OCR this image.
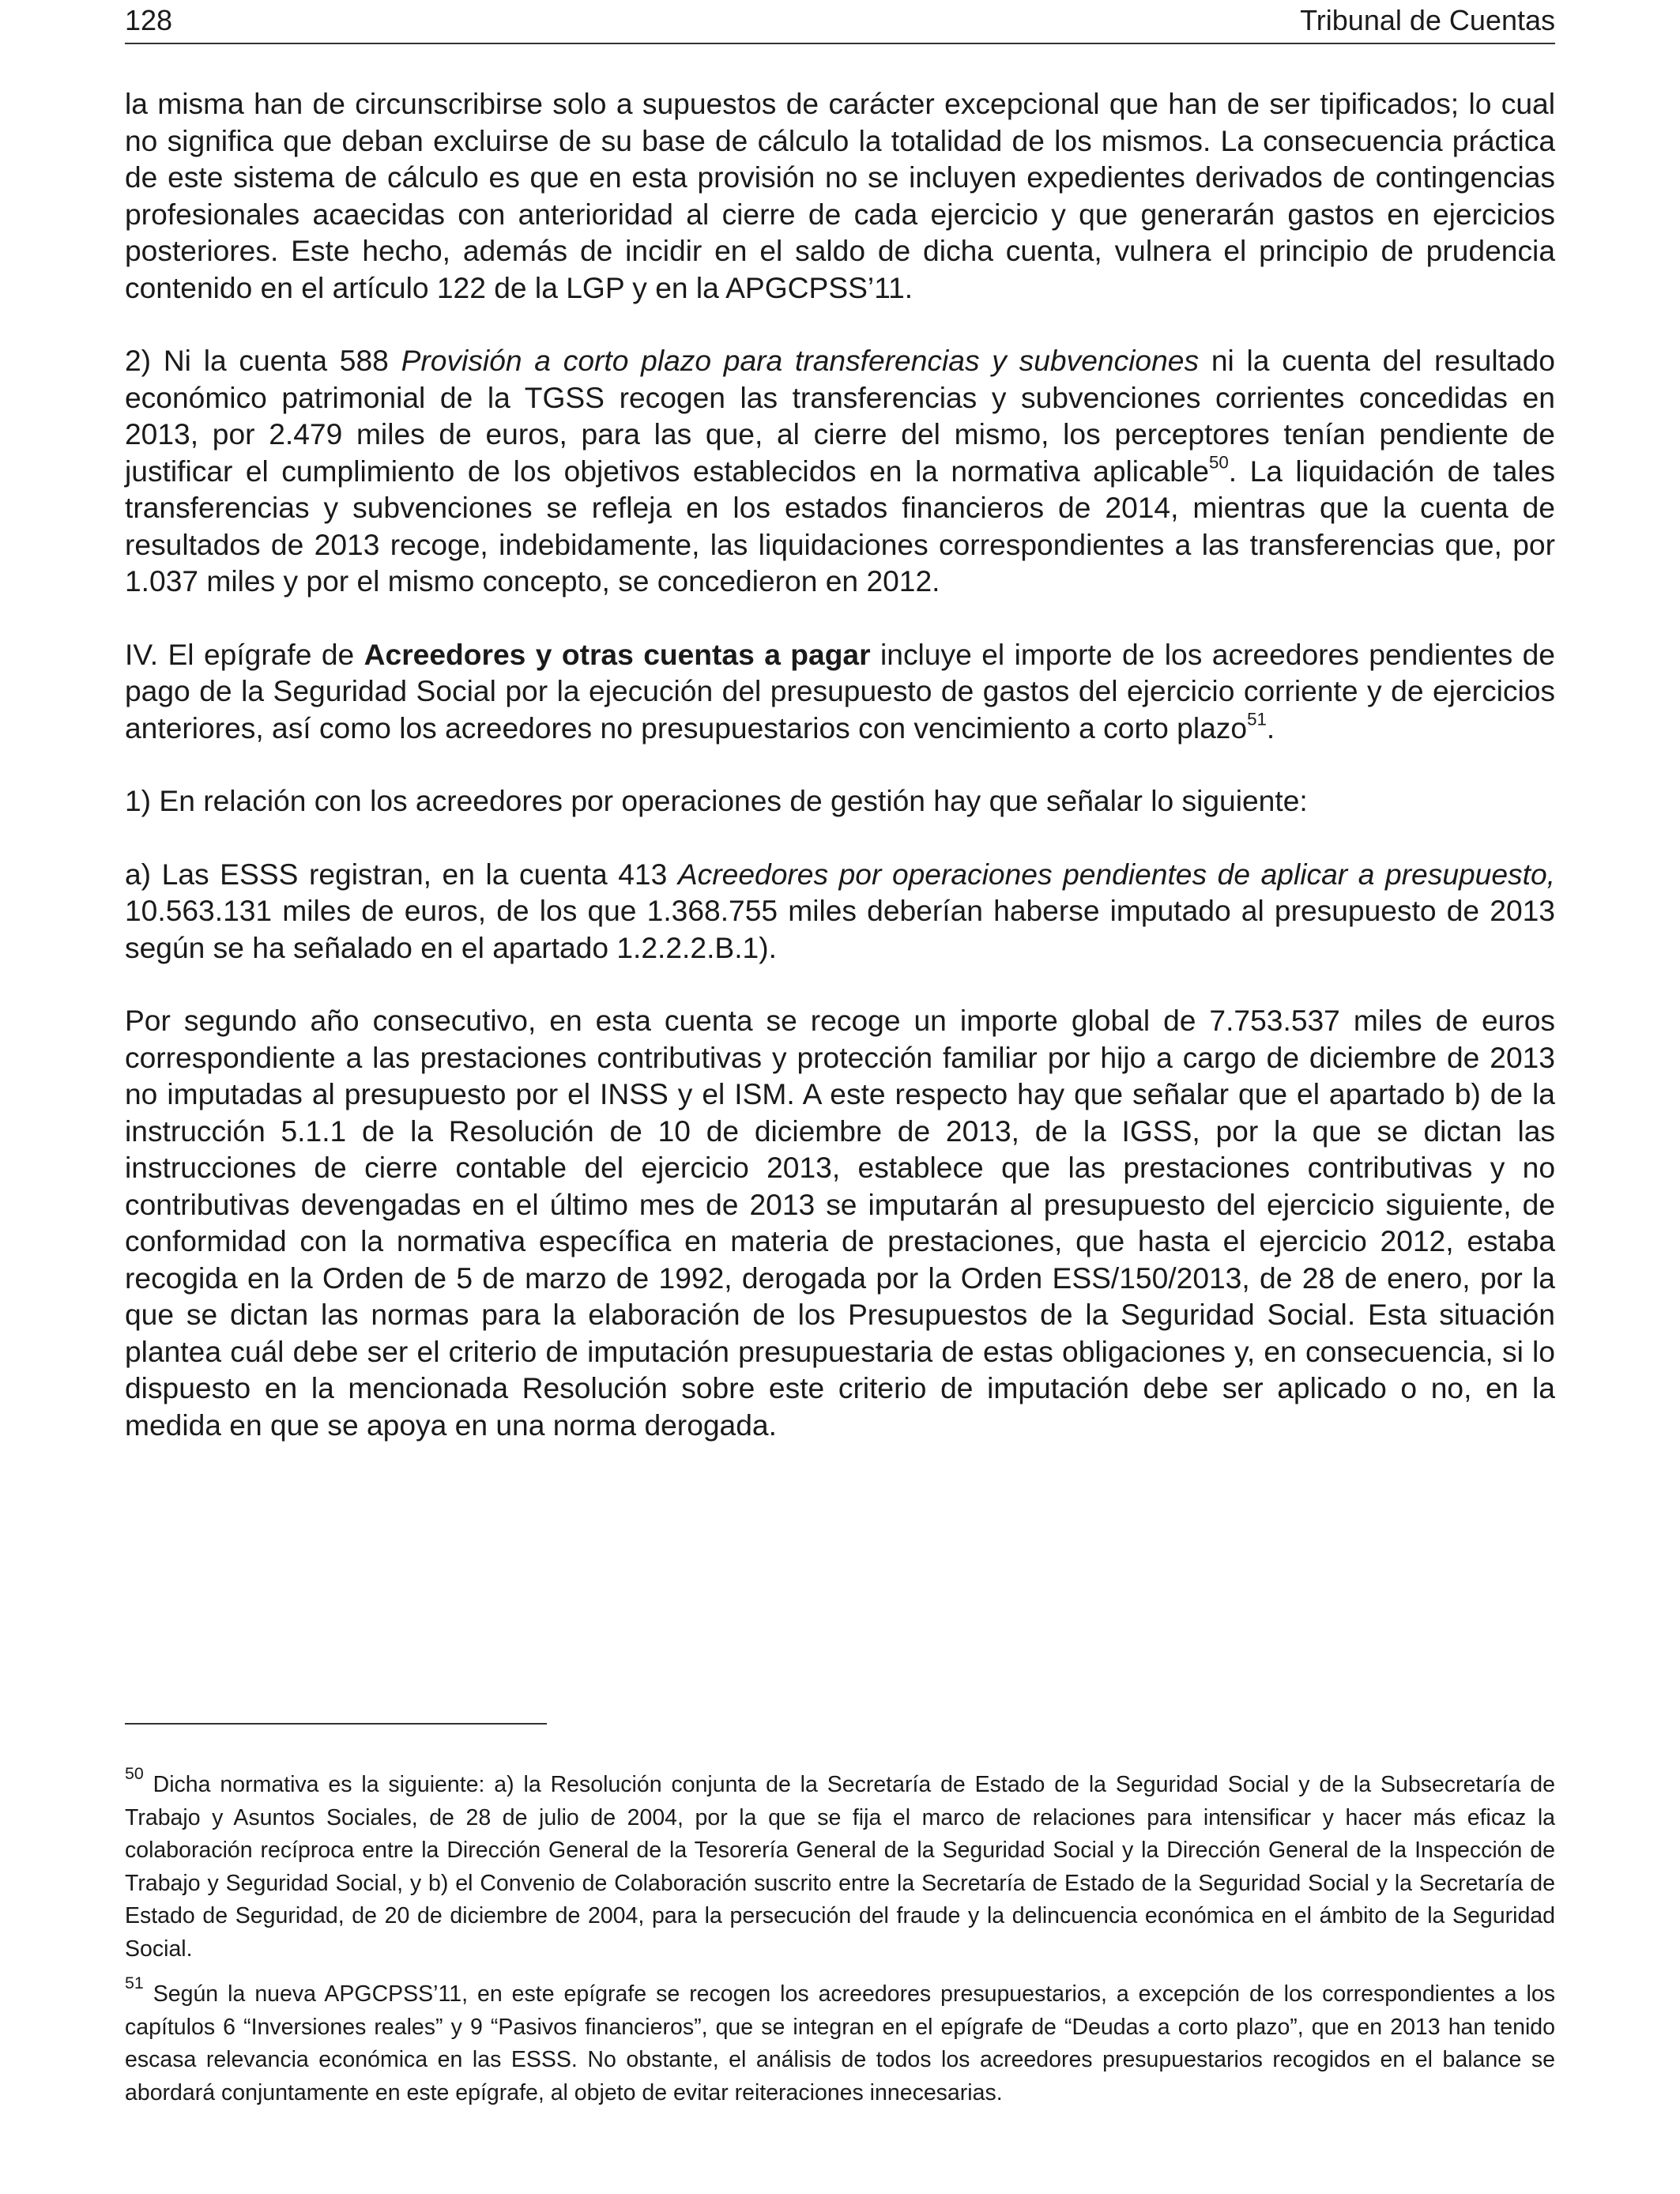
128	Tribunal de Cuentas

la misma han de circunscribirse solo a supuestos de carácter excepcional que han de ser tipificados; lo cual no significa que deban excluirse de su base de cálculo la totalidad de los mismos. La consecuencia práctica de este sistema de cálculo es que en esta provisión no se incluyen expedientes derivados de contingencias profesionales acaecidas con anterioridad al cierre de cada ejercicio y que generarán gastos en ejercicios posteriores. Este hecho, además de incidir en el saldo de dicha cuenta, vulnera el principio de prudencia contenido en el artículo 122 de la LGP y en la APGCPSS’11.

2) Ni la cuenta 588 Provisión a corto plazo para transferencias y subvenciones ni la cuenta del resultado económico patrimonial de la TGSS recogen las transferencias y subvenciones corrientes concedidas en 2013, por 2.479 miles de euros, para las que, al cierre del mismo, los perceptores tenían pendiente de justificar el cumplimiento de los objetivos establecidos en la normativa aplicable$^{50}$. La liquidación de tales transferencias y subvenciones se refleja en los estados financieros de 2014, mientras que la cuenta de resultados de 2013 recoge, indebidamente, las liquidaciones correspondientes a las transferencias que, por 1.037 miles y por el mismo concepto, se concedieron en 2012.

IV. El epígrafe de Acreedores y otras cuentas a pagar incluye el importe de los acreedores pendientes de pago de la Seguridad Social por la ejecución del presupuesto de gastos del ejercicio corriente y de ejercicios anteriores, así como los acreedores no presupuestarios con vencimiento a corto plazo$^{51}$.

1) En relación con los acreedores por operaciones de gestión hay que señalar lo siguiente:

a) Las ESSS registran, en la cuenta 413 Acreedores por operaciones pendientes de aplicar a presupuesto, 10.563.131 miles de euros, de los que 1.368.755 miles deberían haberse imputado al presupuesto de 2013 según se ha señalado en el apartado 1.2.2.2.B.1).

Por segundo año consecutivo, en esta cuenta se recoge un importe global de 7.753.537 miles de euros correspondiente a las prestaciones contributivas y protección familiar por hijo a cargo de diciembre de 2013 no imputadas al presupuesto por el INSS y el ISM. A este respecto hay que señalar que el apartado b) de la instrucción 5.1.1 de la Resolución de 10 de diciembre de 2013, de la IGSS, por la que se dictan las instrucciones de cierre contable del ejercicio 2013, establece que las prestaciones contributivas y no contributivas devengadas en el último mes de 2013 se imputarán al presupuesto del ejercicio siguiente, de conformidad con la normativa específica en materia de prestaciones, que hasta el ejercicio 2012, estaba recogida en la Orden de 5 de marzo de 1992, derogada por la Orden ESS/150/2013, de 28 de enero, por la que se dictan las normas para la elaboración de los Presupuestos de la Seguridad Social. Esta situación plantea cuál debe ser el criterio de imputación presupuestaria de estas obligaciones y, en consecuencia, si lo dispuesto en la mencionada Resolución sobre este criterio de imputación debe ser aplicado o no, en la medida en que se apoya en una norma derogada.

$^{50}$ Dicha normativa es la siguiente: a) la Resolución conjunta de la Secretaría de Estado de la Seguridad Social y de la Subsecretaría de Trabajo y Asuntos Sociales, de 28 de julio de 2004, por la que se fija el marco de relaciones para intensificar y hacer más eficaz la colaboración recíproca entre la Dirección General de la Tesorería General de la Seguridad Social y la Dirección General de la Inspección de Trabajo y Seguridad Social, y b) el Convenio de Colaboración suscrito entre la Secretaría de Estado de la Seguridad Social y la Secretaría de Estado de Seguridad, de 20 de diciembre de 2004, para la persecución del fraude y la delincuencia económica en el ámbito de la Seguridad Social.

$^{51}$ Según la nueva APGCPSS’11, en este epígrafe se recogen los acreedores presupuestarios, a excepción de los correspondientes a los capítulos 6 “Inversiones reales” y 9 “Pasivos financieros”, que se integran en el epígrafe de “Deudas a corto plazo”, que en 2013 han tenido escasa relevancia económica en las ESSS. No obstante, el análisis de todos los acreedores presupuestarios recogidos en el balance se abordará conjuntamente en este epígrafe, al objeto de evitar reiteraciones innecesarias.
